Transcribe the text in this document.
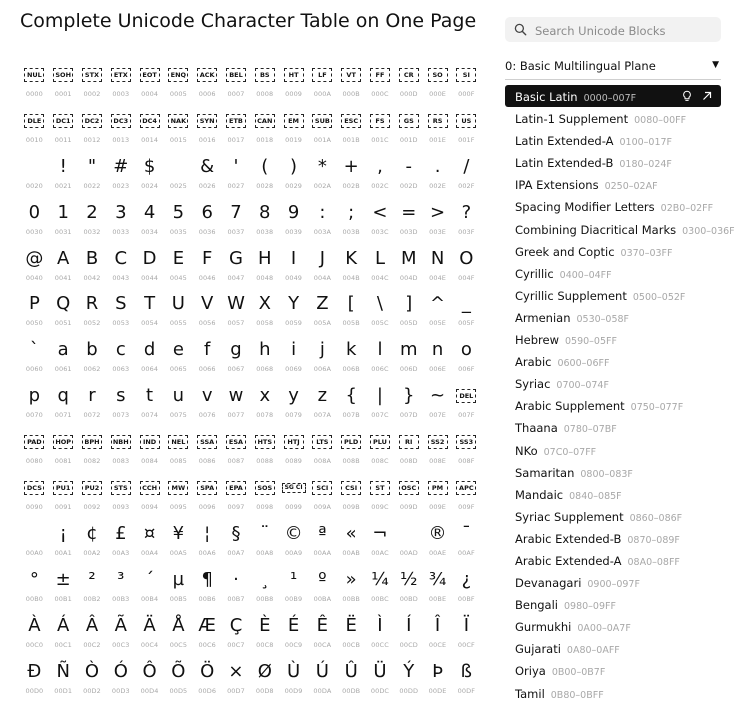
Complete Unicode Character Table on One Page
NUL
0000
SOH
0001
STX
0002
ETX
0003
EOT
0004
ENQ
0005
ACK
0006
BEL
0007
BS
0008
HT
0009
LF
000A
VT
000B
FF
000C
CR
000D
SO
000E
SI
000F
DLE
0010
DC1
0011
DC2
0012
DC3
0013
DC4
0014
NAK
0015
SYN
0016
ETB
0017
CAN
0018
EM
0019
SUB
001A
ESC
001B
FS
001C
GS
001D
RS
001E
US
001F
0020
!
0021
"
0022
#
0023
$
0024 0025
&
0026
'
0027
(
0028
)
0029
*
002A
+
002B
,
002C
-
002D
.
002E
/
002F
0
0030
1
0031
2
0032
3
0033
4
0034
5
0035
6
0036
7
0037
8
0038
9
0039
:
003A
;
003B
<
003C
=
003D
>
003E
?
003F
@
0040
A
0041
B
0042
C
0043
D
0044
E
0045
F
0046
G
0047
H
0048
I
0049
J
004A
K
004B
L
004C
M
004D
N
004E
O
004F
P
0050
Q
0051
R
0052
S
0053
T
0054
U
0055
V
0056
W
0057
X
0058
Y
0059
Z
005A
[
005B
\
005C
]
005D
^
005E
_
005F
`
0060
a
0061
b
0062
c
0063
d
0064
e
0065
f
0066
g
0067
h
0068
i
0069
j
006A
k
006B
l
006C
m
006D
n
006E
o
006F
p
0070
q
0071
r
0072
s
0073
t
0074
u
0075
v
0076
w
0077
x
0078
y
0079
z
007A
{
007B
|
007C
}
007D
~
007E
DEL
007F
PAD
0080
HOP
0081
BPH
0082
NBH
0083
IND
0084
NEL
0085
SSA
0086
ESA
0087
HTS
0088
HTJ
0089
LTS
008A
PLD
008B
PLU
008C
RI
008D
SS2
008E
SS3
008F
DCS
0090
PU1
0091
PU2
0092
STS
0093
CCH
0094
MW
0095
SPA
0096
EPA
0097
SOS
0098
SG CI
0099
SCI
009A
CSI
009B
ST
009C
OSC
009D
PM
009E
APC
009F
00A0
¡
00A1
¢
00A2
£
00A3
¤
00A4
¥
00A5
¦
00A6
§
00A7
¨
00A8
©
00A9
ª
00AA
«
00AB
¬
00AC 00AD
®
00AE
¯
00AF
°
00B0
±
00B1
²
00B2
³
00B3
´
00B4
µ
00B5
¶
00B6
·
00B7
¸
00B8
¹
00B9
º
00BA
»
00BB
¼
00BC
½
00BD
¾
00BE
¿
00BF
À
00C0
Á
00C1
Â
00C2
Ã
00C3
Ä
00C4
Å
00C5
Æ
00C6
Ç
00C7
È
00C8
É
00C9
Ê
00CA
Ë
00CB
Ì
00CC
Í
00CD
Î
00CE
Ï
00CF
Ð
00D0
Ñ
00D1
Ò
00D2
Ó
00D3
Ô
00D4
Õ
00D5
Ö
00D6
×
00D7
Ø
00D8
Ù
00D9
Ú
00DA
Û
00DB
Ü
00DC
Ý
00DD
Þ
00DE
ß
00DF
Search Unicode Blocks
0: Basic Multilingual Plane	▼
Basic Latin 0000–007F
Latin-1 Supplement 0080–00FF
Latin Extended-A 0100–017F
Latin Extended-B 0180–024F
IPA Extensions 0250–02AF
Spacing Modifier Letters 02B0–02FF
Combining Diacritical Marks 0300–036F
Greek and Coptic 0370–03FF
Cyrillic 0400–04FF
Cyrillic Supplement 0500–052F
Armenian 0530–058F
Hebrew 0590–05FF
Arabic 0600–06FF
Syriac 0700–074F
Arabic Supplement 0750–077F
Thaana 0780–07BF
NKo 07C0–07FF
Samaritan 0800–083F
Mandaic 0840–085F
Syriac Supplement 0860–086F
Arabic Extended-B 0870–089F
Arabic Extended-A 08A0–08FF
Devanagari 0900–097F
Bengali 0980–09FF
Gurmukhi 0A00–0A7F
Gujarati 0A80–0AFF
Oriya 0B00–0B7F
Tamil 0B80–0BFF
